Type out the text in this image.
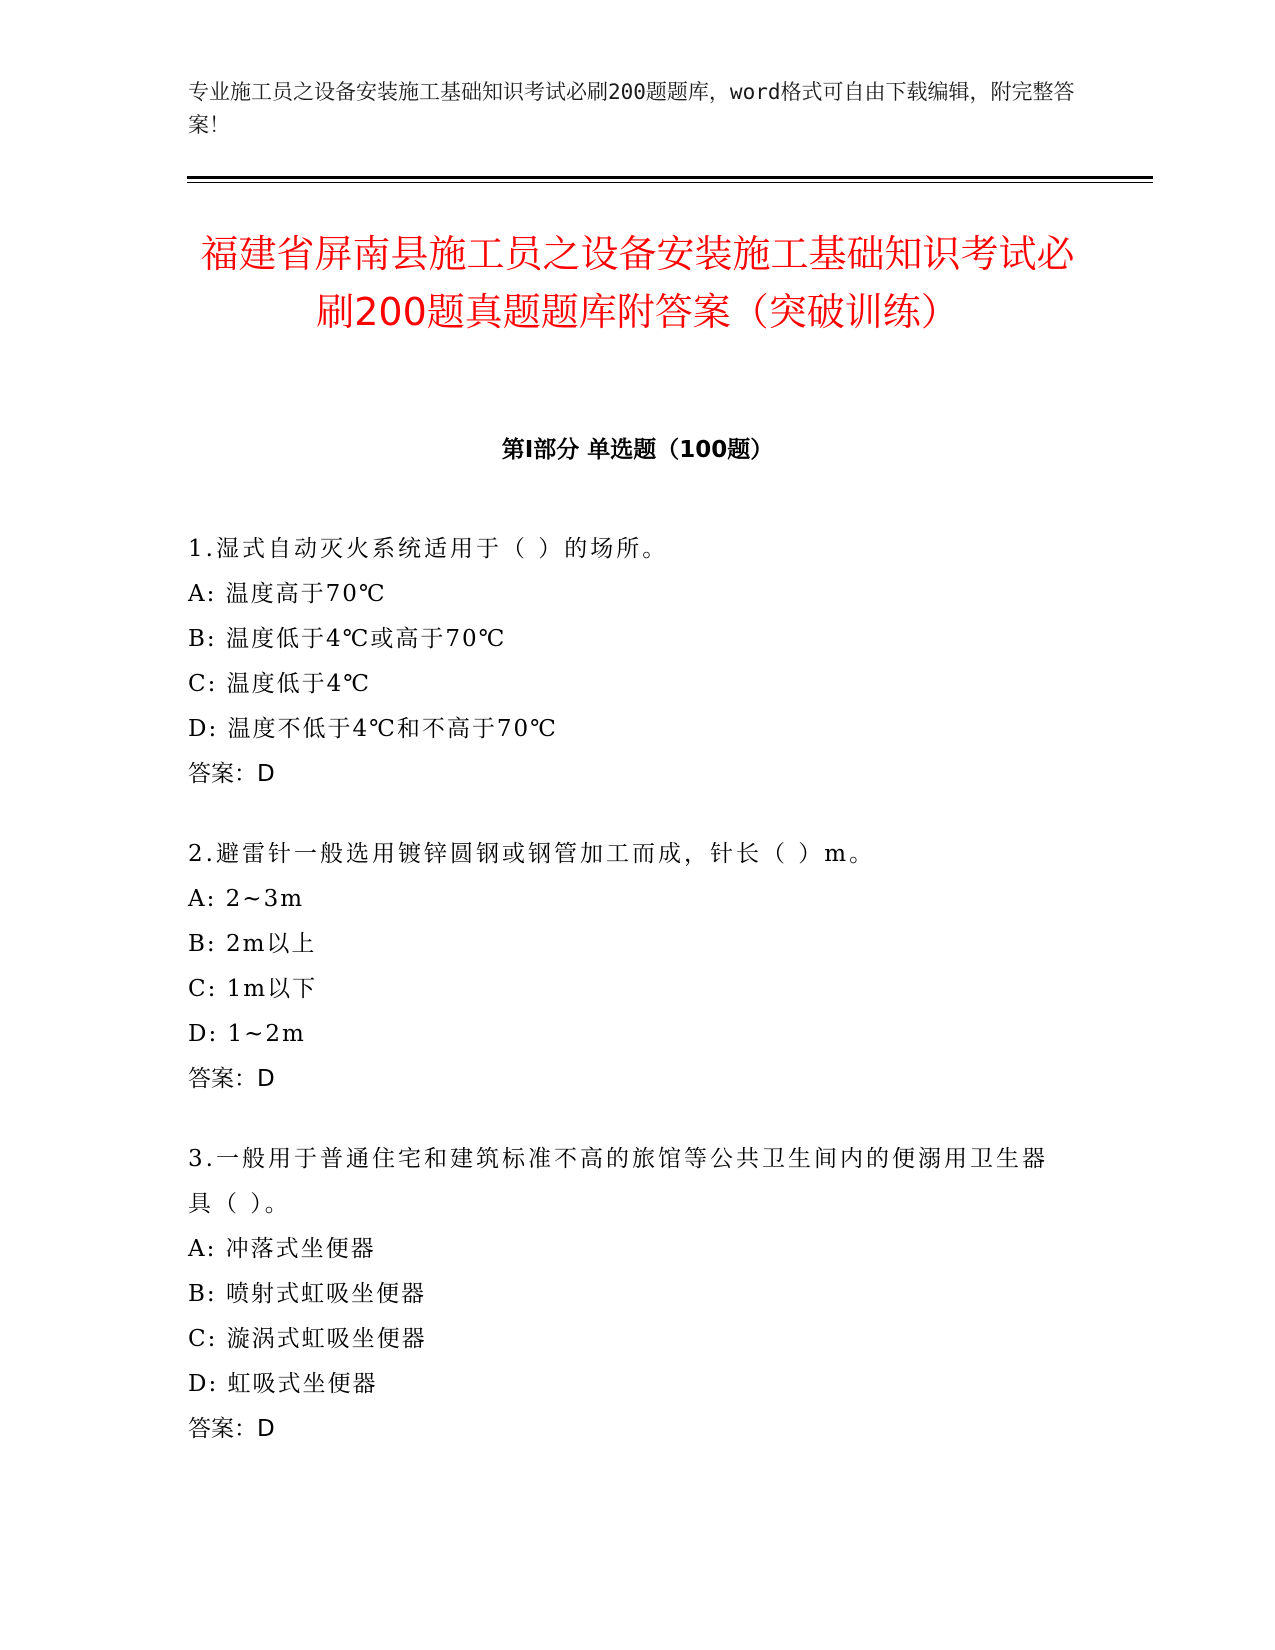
专业施工员之设备安装施工基础知识考试必刷200题题库，word格式可自由下载编辑，附完整答案！
福建省屏南县施工员之设备安装施工基础知识考试必刷200题真题题库附答案（突破训练）
第Ⅰ部分 单选题（100题）

1.湿式自动灭火系统适用于（ ）的场所。

A: 温度高于70℃

B: 温度低于4℃或高于70℃

C: 温度低于4℃

D: 温度不低于4℃和不高于70℃

答案：D

2.避雷针一般选用镀锌圆钢或钢管加工而成，针长（ ）m。

A: 2~3m

B: 2m以上

C: 1m以下

D: 1~2m

答案：D

3.一般用于普通住宅和建筑标准不高的旅馆等公共卫生间内的便溺用卫生器具（ ）。

A: 冲落式坐便器

B: 喷射式虹吸坐便器

C: 漩涡式虹吸坐便器

D: 虹吸式坐便器

答案：D
